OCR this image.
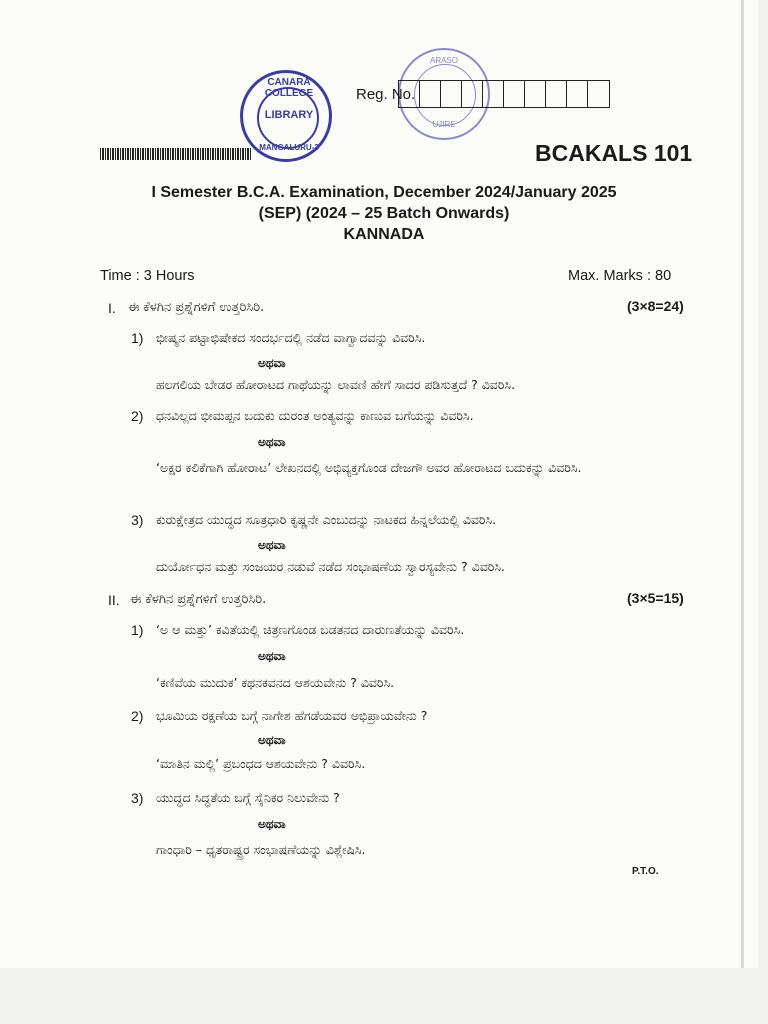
CANARA COLLEGE
LIBRARY
MANGALURU-3
ARASO
UJIRE
Reg. No.
BCAKALS 101
I Semester B.C.A. Examination, December 2024/January 2025
(SEP) (2024 – 25 Batch Onwards)
KANNADA
Time : 3 Hours	Max. Marks : 80
I. ಈ ಕೆಳಗಿನ ಪ್ರಶ್ನೆಗಳಿಗೆ ಉತ್ತರಿಸಿರಿ.	(3×8=24)
1) ಭೀಷ್ಮನ ಪಟ್ಟಾಭಿಷೇಕದ ಸಂದರ್ಭದಲ್ಲಿ ನಡೆದ ವಾಗ್ವಾದವನ್ನು ವಿವರಿಸಿ.
ಅಥವಾ
ಹಲಗಲಿಯ ಬೇಡರ ಹೋರಾಟದ ಗಾಥೆಯನ್ನು ಲಾವಣಿ ಹೇಗೆ ಸಾದರ ಪಡಿಸುತ್ತದೆ ? ವಿವರಿಸಿ.
2) ಧನವಿಲ್ಲದ ಭೀಮಪ್ಪನ ಬದುಕು ದುರಂತ ಅಂತ್ಯವನ್ನು ಕಾಣುವ ಬಗೆಯನ್ನು ವಿವರಿಸಿ.
ಅಥವಾ
‘ಅಕ್ಷರ ಕಲಿಕೆಗಾಗಿ ಹೋರಾಟ’ ಲೇಖನದಲ್ಲಿ ಅಭಿವ್ಯಕ್ತಗೊಂಡ ದೇಜಗೌ ಅವರ ಹೋರಾಟದ ಬದುಕನ್ನು ವಿವರಿಸಿ.
3) ಕುರುಕ್ಷೇತ್ರದ ಯುದ್ಧದ ಸೂತ್ರಧಾರಿ ಕೃಷ್ಣನೇ ಎಂಬುದನ್ನು ನಾಟಕದ ಹಿನ್ನಲೆಯಲ್ಲಿ ವಿವರಿಸಿ.
ಅಥವಾ
ದುರ್ಯೋಧನ ಮತ್ತು ಸಂಜಯರ ನಡುವೆ ನಡೆದ ಸಂಭಾಷಣೆಯ ಸ್ವಾರಸ್ಯವೇನು ? ವಿವರಿಸಿ.
II. ಈ ಕೆಳಗಿನ ಪ್ರಶ್ನೆಗಳಿಗೆ ಉತ್ತರಿಸಿರಿ.	(3×5=15)
1) ‘ಅ ಆ ಮತ್ತು’ ಕವಿತೆಯಲ್ಲಿ ಚಿತ್ರಣಗೊಂಡ ಬಡತನದ ದಾರುಣತೆಯನ್ನು ವಿವರಿಸಿ.
ಅಥವಾ
‘ಕಣಿವೆಯ ಮುದುಕ’ ಕಥನಕವನದ ಆಶಯವೇನು ? ವಿವರಿಸಿ.
2) ಭೂಮಿಯ ರಕ್ಷಣೆಯ ಬಗ್ಗೆ ನಾಗೇಶ ಹೆಗಡೆಯವರ ಅಭಿಪ್ರಾಯವೇನು ?
ಅಥವಾ
‘ಮಾತಿನ ಮಲ್ಲಿ’ ಪ್ರಬಂಧದ ಆಶಯವೇನು ? ವಿವರಿಸಿ.
3) ಯುದ್ಧದ ಸಿದ್ಧತೆಯ ಬಗ್ಗೆ ಸೈನಿಕರ ನಿಲುವೇನು ?
ಅಥವಾ
ಗಾಂಧಾರಿ – ಧೃತರಾಷ್ಟ್ರರ ಸಂಭಾಷಣೆಯನ್ನು ವಿಶ್ಲೇಷಿಸಿ.
P.T.O.
